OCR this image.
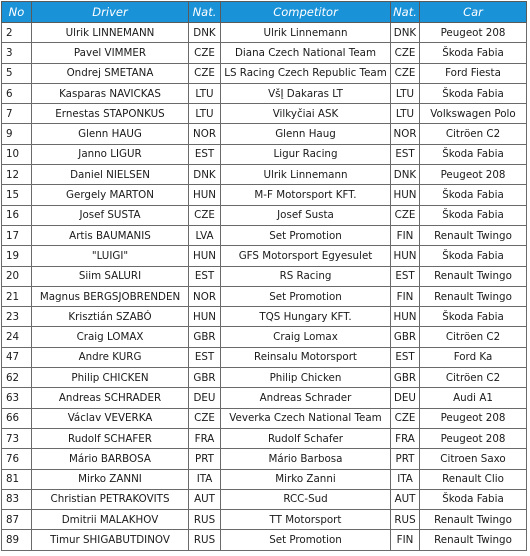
No	Driver	Nat.	Competitor	Nat.	Car
2	Ulrik LINNEMANN	DNK	Ulrik Linnemann	DNK	Peugeot 208
3	Pavel VIMMER	CZE	Diana Czech National Team	CZE	Škoda Fabia
5	Ondrej SMETANA	CZE	LS Racing Czech Republic Team	CZE	Ford Fiesta
6	Kasparas NAVICKAS	LTU	VšĮ Dakaras LT	LTU	Škoda Fabia
7	Ernestas STAPONKUS	LTU	Vilkyčiai ASK	LTU	Volkswagen Polo
9	Glenn HAUG	NOR	Glenn Haug	NOR	Citröen C2
10	Janno LIGUR	EST	Ligur Racing	EST	Škoda Fabia
12	Daniel NIELSEN	DNK	Ulrik Linnemann	DNK	Peugeot 208
15	Gergely MARTON	HUN	M-F Motorsport KFT.	HUN	Škoda Fabia
16	Josef SUSTA	CZE	Josef Susta	CZE	Škoda Fabia
17	Artis BAUMANIS	LVA	Set Promotion	FIN	Renault Twingo
19	"LUIGI"	HUN	GFS Motorsport Egyesulet	HUN	Škoda Fabia
20	Siim SALURI	EST	RS Racing	EST	Renault Twingo
21	Magnus BERGSJOBRENDEN	NOR	Set Promotion	FIN	Renault Twingo
23	Krisztián SZABÓ	HUN	TQS Hungary KFT.	HUN	Škoda Fabia
24	Craig LOMAX	GBR	Craig Lomax	GBR	Citröen C2
47	Andre KURG	EST	Reinsalu Motorsport	EST	Ford Ka
62	Philip CHICKEN	GBR	Philip Chicken	GBR	Citröen C2
63	Andreas SCHRADER	DEU	Andreas Schrader	DEU	Audi A1
66	Václav VEVERKA	CZE	Veverka Czech National Team	CZE	Peugeot 208
73	Rudolf SCHAFER	FRA	Rudolf Schafer	FRA	Peugeot 208
76	Mário BARBOSA	PRT	Mário Barbosa	PRT	Citroen Saxo
81	Mirko ZANNI	ITA	Mirko Zanni	ITA	Renault Clio
83	Christian PETRAKOVITS	AUT	RCC-Sud	AUT	Škoda Fabia
87	Dmitrii MALAKHOV	RUS	TT Motorsport	RUS	Renault Twingo
89	Timur SHIGABUTDINOV	RUS	Set Promotion	FIN	Renault Twingo
